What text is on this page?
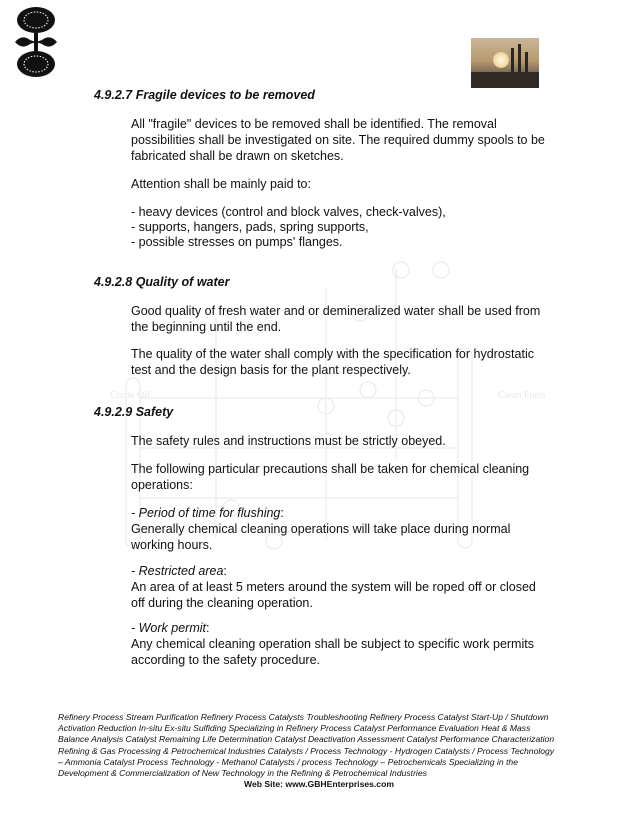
Crude Oil	Clean Fuels
4.9.2.7 Fragile devices to be removed
All "fragile" devices to be removed shall be identified. The removal possibilities shall be investigated on site. The required dummy spools to be fabricated shall be drawn on sketches.
Attention shall be mainly paid to:
- heavy devices (control and block valves, check-valves),
- supports, hangers, pads, spring supports,
- possible stresses on pumps' flanges.
4.9.2.8 Quality of water
Good quality of fresh water and or demineralized water shall be used from the beginning until the end.
The quality of the water shall comply with the specification for hydrostatic test and the design basis for the plant respectively.
4.9.2.9 Safety
The safety rules and instructions must be strictly obeyed.
The following particular precautions shall be taken for chemical cleaning operations:
- Period of time for flushing:
Generally chemical cleaning operations will take place during normal working hours.
- Restricted area:
An area of at least 5 meters around the system will be roped off or closed off during the cleaning operation.
- Work permit:
Any chemical cleaning operation shall be subject to specific work permits according to the safety procedure.
Refinery Process Stream Purification Refinery Process Catalysts Troubleshooting Refinery Process Catalyst Start-Up / Shutdown Activation Reduction In-situ Ex-situ Sulfiding Specializing in Refinery Process Catalyst Performance Evaluation Heat & Mass Balance Analysis Catalyst Remaining Life Determination Catalyst Deactivation Assessment Catalyst Performance Characterization Refining & Gas Processing & Petrochemical Industries Catalysts / Process Technology - Hydrogen Catalysts / Process Technology – Ammonia Catalyst Process Technology - Methanol Catalysts / process Technology – Petrochemicals Specializing in the Development & Commercialization of New Technology in the Refining & Petrochemical Industries
Web Site: www.GBHEnterprises.com
